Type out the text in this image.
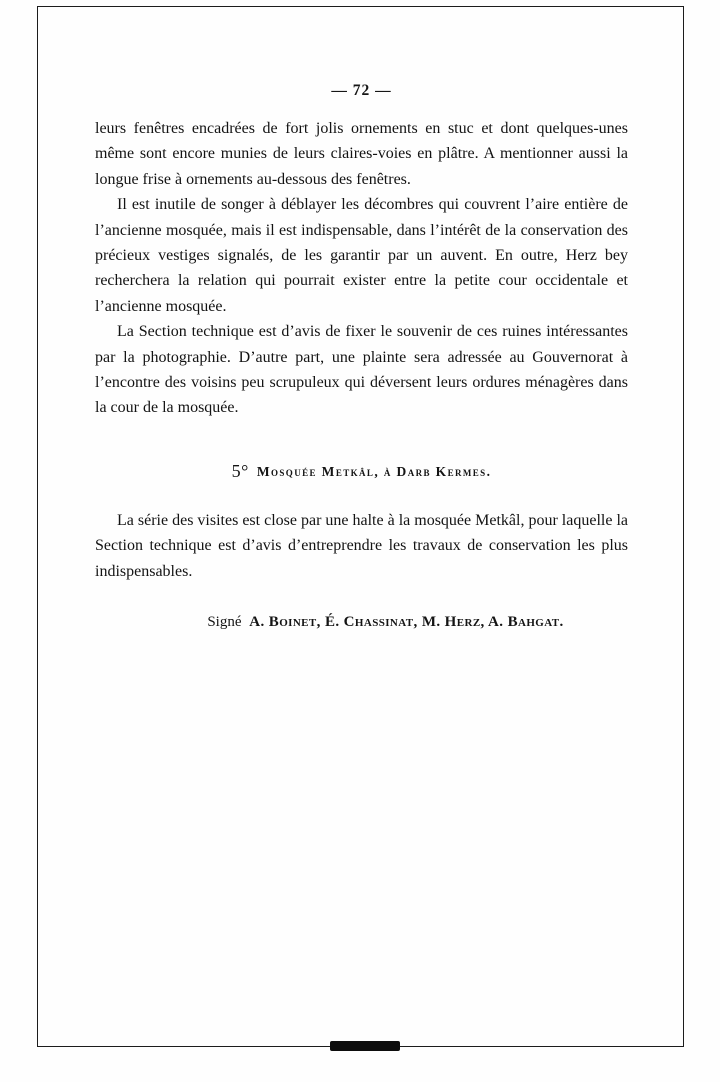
— 72 —

leurs fenêtres encadrées de fort jolis ornements en stuc et dont quelques-unes même sont encore munies de leurs claires-voies en plâtre. A mentionner aussi la longue frise à ornements au-dessous des fenêtres.

Il est inutile de songer à déblayer les décombres qui couvrent l’aire entière de l’ancienne mosquée, mais il est indispensable, dans l’intérêt de la conservation des précieux vestiges signalés, de les garantir par un auvent. En outre, Herz bey recherchera la relation qui pourrait exister entre la petite cour occidentale et l’ancienne mosquée.

La Section technique est d’avis de fixer le souvenir de ces ruines intéressantes par la photographie. D’autre part, une plainte sera adressée au Gouvernorat à l’encontre des voisins peu scrupuleux qui déversent leurs ordures ménagères dans la cour de la mosquée.

5° Mosquée Metkâl, à Darb Kermes.

La série des visites est close par une halte à la mosquée Metkâl, pour laquelle la Section technique est d’avis d’entreprendre les travaux de conservation les plus indispensables.

Signé A. Boinet, É. Chassinat, M. Herz, A. Bahgat.
